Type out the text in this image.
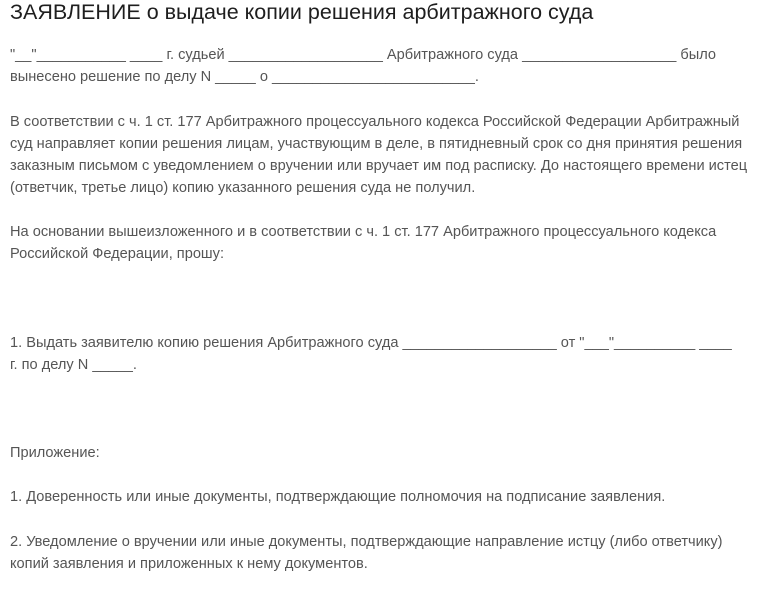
ЗАЯВЛЕНИЕ о выдаче копии решения арбитражного суда
"__"___________ ____ г. судьей ___________________ Арбитражного суда ___________________ было
вынесено решение по делу N _____ о _________________________.
В соответствии с ч. 1 ст. 177 Арбитражного процессуального кодекса Российской Федерации Арбитражный
суд направляет копии решения лицам, участвующим в деле, в пятидневный срок со дня принятия решения
заказным письмом с уведомлением о вручении или вручает им под расписку. До настоящего времени истец
(ответчик, третье лицо) копию указанного решения суда не получил.
На основании вышеизложенного и в соответствии с ч. 1 ст. 177 Арбитражного процессуального кодекса
Российской Федерации, прошу:
1. Выдать заявителю копию решения Арбитражного суда ___________________ от "___"__________ ____
г. по делу N _____.
Приложение:
1. Доверенность или иные документы, подтверждающие полномочия на подписание заявления.
2. Уведомление о вручении или иные документы, подтверждающие направление истцу (либо ответчику)
копий заявления и приложенных к нему документов.
